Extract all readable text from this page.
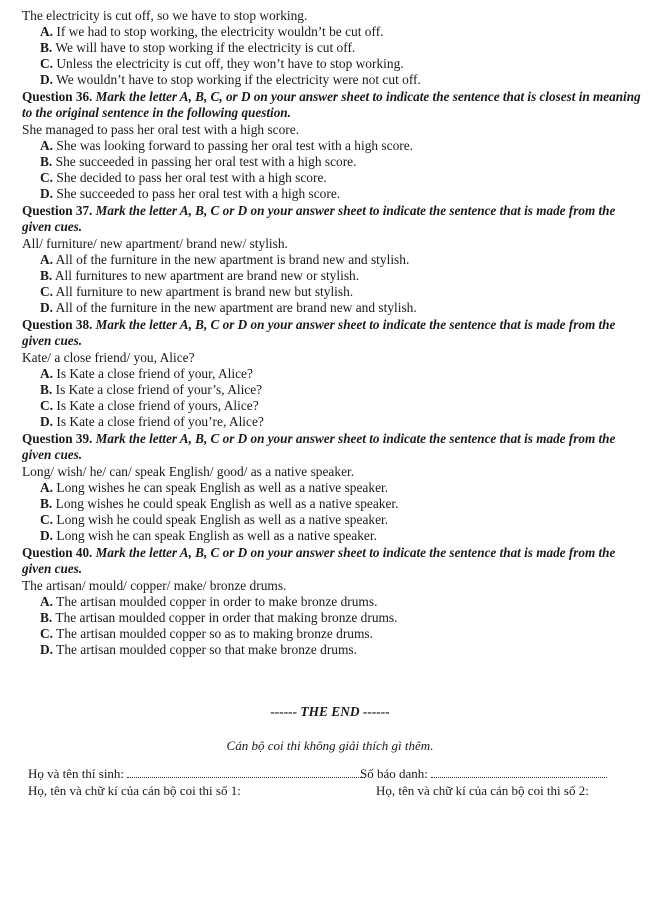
The electricity is cut off, so we have to stop working.
A. If we had to stop working, the electricity wouldn’t be cut off.
B. We will have to stop working if the electricity is cut off.
C. Unless the electricity is cut off, they won’t have to stop working.
D. We wouldn’t have to stop working if the electricity were not cut off.
Question 36. Mark the letter A, B, C, or D on your answer sheet to indicate the sentence that is closest in meaning to the original sentence in the following question.
She managed to pass her oral test with a high score.
A. She was looking forward to passing her oral test with a high score.
B. She succeeded in passing her oral test with a high score.
C. She decided to pass her oral test with a high score.
D. She succeeded to pass her oral test with a high score.
Question 37. Mark the letter A, B, C or D on your answer sheet to indicate the sentence that is made from the given cues.
All/ furniture/ new apartment/ brand new/ stylish.
A. All of the furniture in the new apartment is brand new and stylish.
B. All furnitures to new apartment are brand new or stylish.
C. All furniture to new apartment is brand new but stylish.
D. All of the furniture in the new apartment are brand new and stylish.
Question 38. Mark the letter A, B, C or D on your answer sheet to indicate the sentence that is made from the given cues.
Kate/ a close friend/ you, Alice?
A. Is Kate a close friend of your, Alice?
B. Is Kate a close friend of your’s, Alice?
C. Is Kate a close friend of yours, Alice?
D. Is Kate a close friend of you’re, Alice?
Question 39. Mark the letter A, B, C or D on your answer sheet to indicate the sentence that is made from the given cues.
Long/ wish/ he/ can/ speak English/ good/ as a native speaker.
A. Long wishes he can speak English as well as a native speaker.
B. Long wishes he could speak English as well as a native speaker.
C. Long wish he could speak English as well as a native speaker.
D. Long wish he can speak English as well as a native speaker.
Question 40. Mark the letter A, B, C or D on your answer sheet to indicate the sentence that is made from the given cues.
The artisan/ mould/ copper/ make/ bronze drums.
A. The artisan moulded copper in order to make bronze drums.
B. The artisan moulded copper in order that making bronze drums.
C. The artisan moulded copper so as to making bronze drums.
D. The artisan moulded copper so that make bronze drums.
------ THE END ------
Cán bộ coi thi không giải thích gì thêm.
Họ và tên thí sinh:	Số báo danh:
Họ, tên và chữ kí của cán bộ coi thi số 1:	Họ, tên và chữ kí của cán bộ coi thi số 2:
